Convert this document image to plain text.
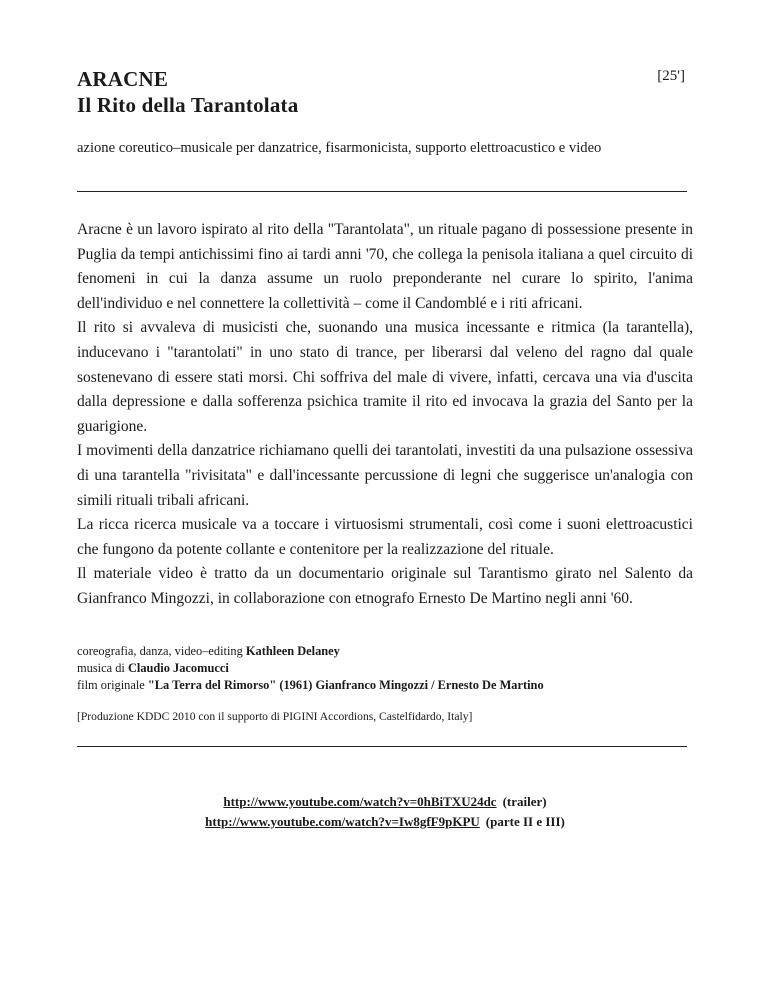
ARACNE
Il Rito della Tarantolata
[25']
azione coreutico–musicale per danzatrice, fisarmonicista, supporto elettroacustico e video

Aracne è un lavoro ispirato al rito della "Tarantolata", un rituale pagano di possessione presente in Puglia da tempi antichissimi fino ai tardi anni '70, che collega la penisola italiana a quel circuito di fenomeni in cui la danza assume un ruolo preponderante nel curare lo spirito, l'anima dell'individuo e nel connettere la collettività – come il Candomblé e i riti africani.

Il rito si avvaleva di musicisti che, suonando una musica incessante e ritmica (la tarantella), inducevano i "tarantolati" in uno stato di trance, per liberarsi dal veleno del ragno dal quale sostenevano di essere stati morsi. Chi soffriva del male di vivere, infatti, cercava una via d'uscita dalla depressione e dalla sofferenza psichica tramite il rito ed invocava la grazia del Santo per la guarigione.

I movimenti della danzatrice richiamano quelli dei tarantolati, investiti da una pulsazione ossessiva di una tarantella "rivisitata" e dall'incessante percussione di legni che suggerisce un'analogia con simili rituali tribali africani.

La ricca ricerca musicale va a toccare i virtuosismi strumentali, così come i suoni elettroacustici che fungono da potente collante e contenitore per la realizzazione del rituale.

Il materiale video è tratto da un documentario originale sul Tarantismo girato nel Salento da Gianfranco Mingozzi, in collaborazione con etnografo Ernesto De Martino negli anni '60.

coreografia, danza, video–editing Kathleen Delaney
musica di Claudio Jacomucci
film originale "La Terra del Rimorso" (1961) Gianfranco Mingozzi / Ernesto De Martino
[Produzione KDDC 2010 con il supporto di PIGINI Accordions, Castelfidardo, Italy]
http://www.youtube.com/watch?v=0hBiTXU24dc (trailer)
http://www.youtube.com/watch?v=Iw8gfF9pKPU (parte II e III)
